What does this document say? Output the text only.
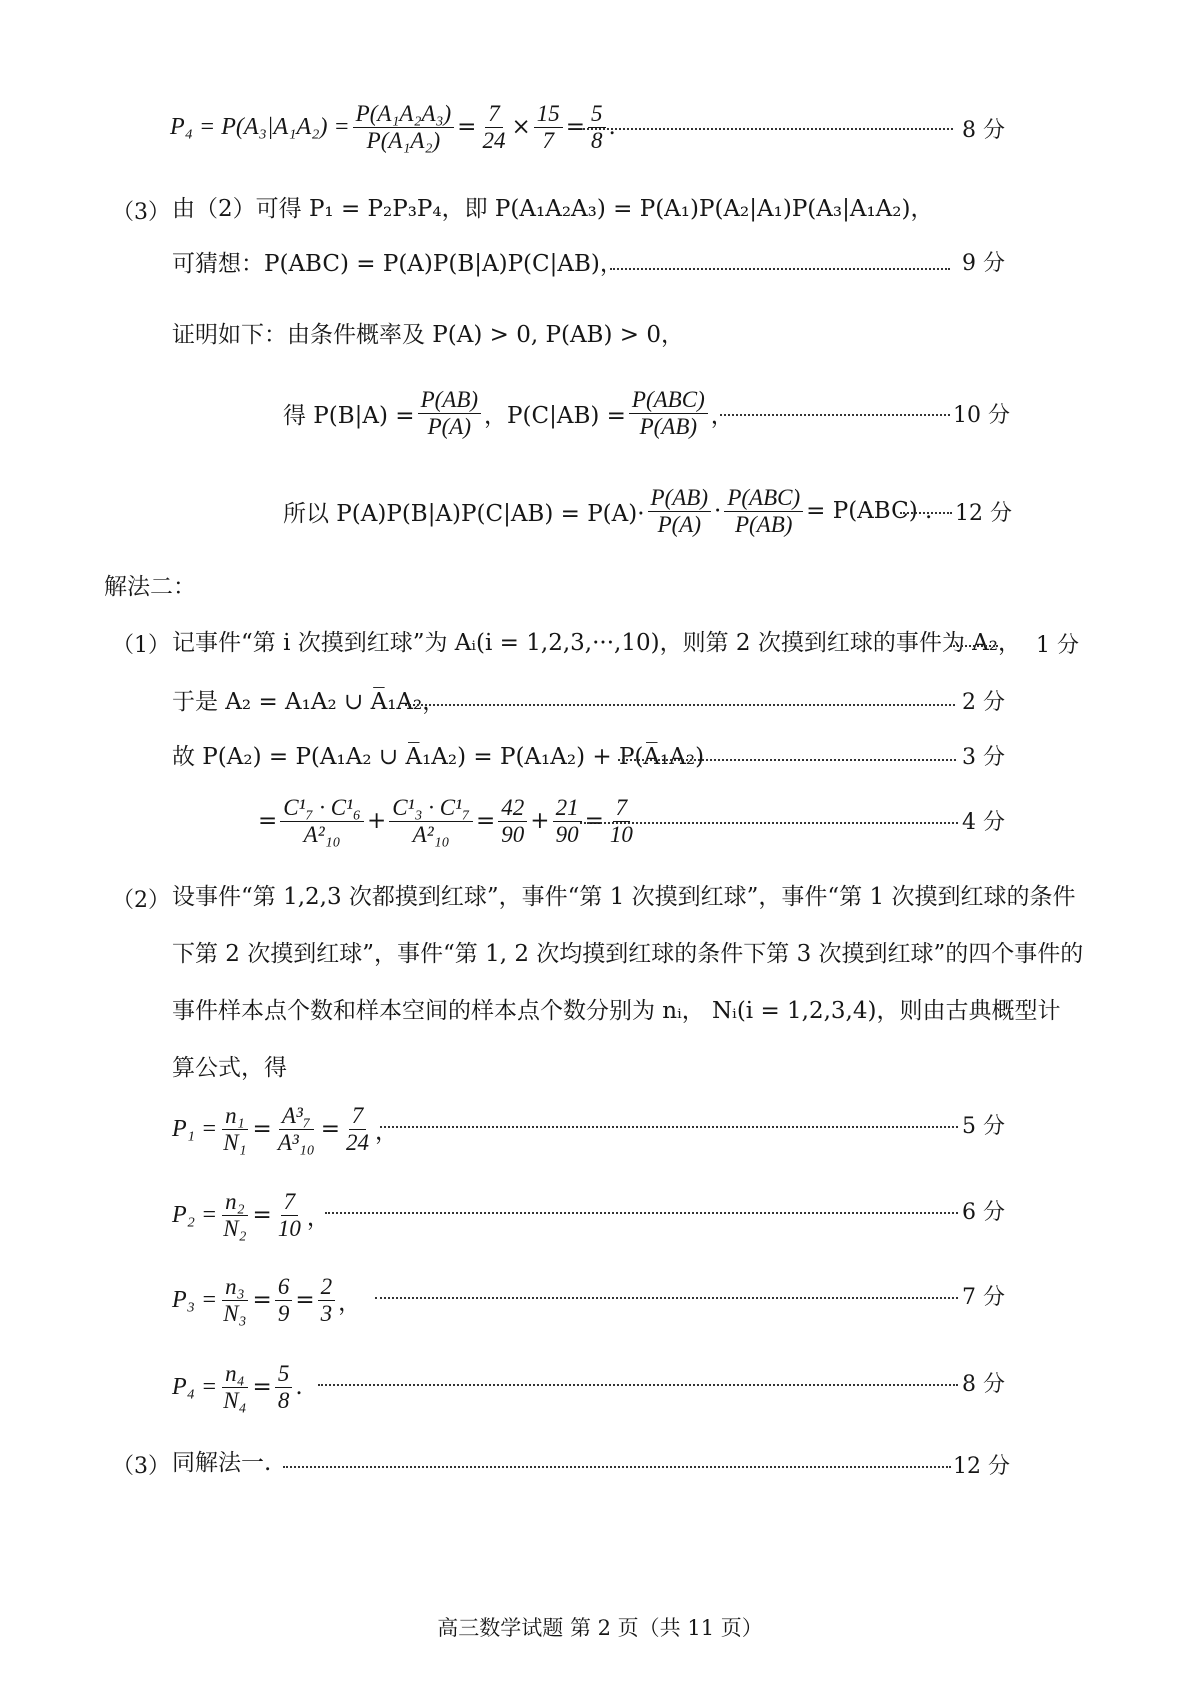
$P_4 = P(A_3|A_1A_2) = \frac{\text{P(A₁A₂A₃)}}{\text{P(A₁A₂)}} = \frac{7}{24} \times \frac{15}{7} = \frac{5}{8}$ .	8 分
（3） 由（2）可得 P₁ = P₂P₃P₄，即 P(A₁A₂A₃) = P(A₁)P(A₂|A₁)P(A₃|A₁A₂)，
可猜想：P(ABC) = P(A)P(B|A)P(C|AB)，	9 分
证明如下：由条件概率及 P(A) > 0, P(AB) > 0，
得 $P(B|A) = \frac{P(AB)}{P(A)}$ ，$P(C|AB) = \frac{\text{P(ABC)}}{P(AB)}$ ，	10 分
所以 $P(A)P(B|A)P(C|AB) = P(A)\cdot \frac{P(AB)}{P(A)} \cdot \frac{\text{P(ABC)}}{P(AB)} = P(ABC)$ . 12 分
解法二：
（1） 记事件“第 i 次摸到红球”为 Aᵢ(i = 1,2,3,···,10)，则第 2 次摸到红球的事件为 A₂， 1 分
于是 A₂ = A₁A₂ ∪ A̅₁A₂，	2 分
故 P(A₂) = P(A₁A₂ ∪ A̅₁A₂) = P(A₁A₂) + P(A̅₁A₂)	3 分
= $\frac{\text{C¹₇ · C¹₆}}{\text{A²₁₀}} + \frac{\text{C¹₃ · C¹₇}}{\text{A²₁₀}} = \frac{42}{90} + \frac{21}{90} = \frac{7}{10}$	4 分
（2） 设事件“第 1,2,3 次都摸到红球”，事件“第 1 次摸到红球”，事件“第 1 次摸到红球的条件
下第 2 次摸到红球”，事件“第 1, 2 次均摸到红球的条件下第 3 次摸到红球”的四个事件的
事件样本点个数和样本空间的样本点个数分别为 nᵢ， Nᵢ(i = 1,2,3,4)，则由古典概型计
算公式，得
$P_1 = \frac{\text{n₁}}{\text{N₁}} = \frac{\text{A³₇}}{\text{A³₁₀}} = \frac{7}{24}$ ，	5 分
$P_2 = \frac{\text{n₂}}{\text{N₂}} = \frac{7}{10}$ ，	6 分
$P_3 = \frac{\text{n₃}}{\text{N₃}} = \frac{6}{9} = \frac{2}{3}$ ，	7 分
$P_4 = \frac{\text{n₄}}{\text{N₄}} = \frac{5}{8}$ .	8 分
（3） 同解法一.	12 分
高三数学试题 第 2 页（共 11 页）
